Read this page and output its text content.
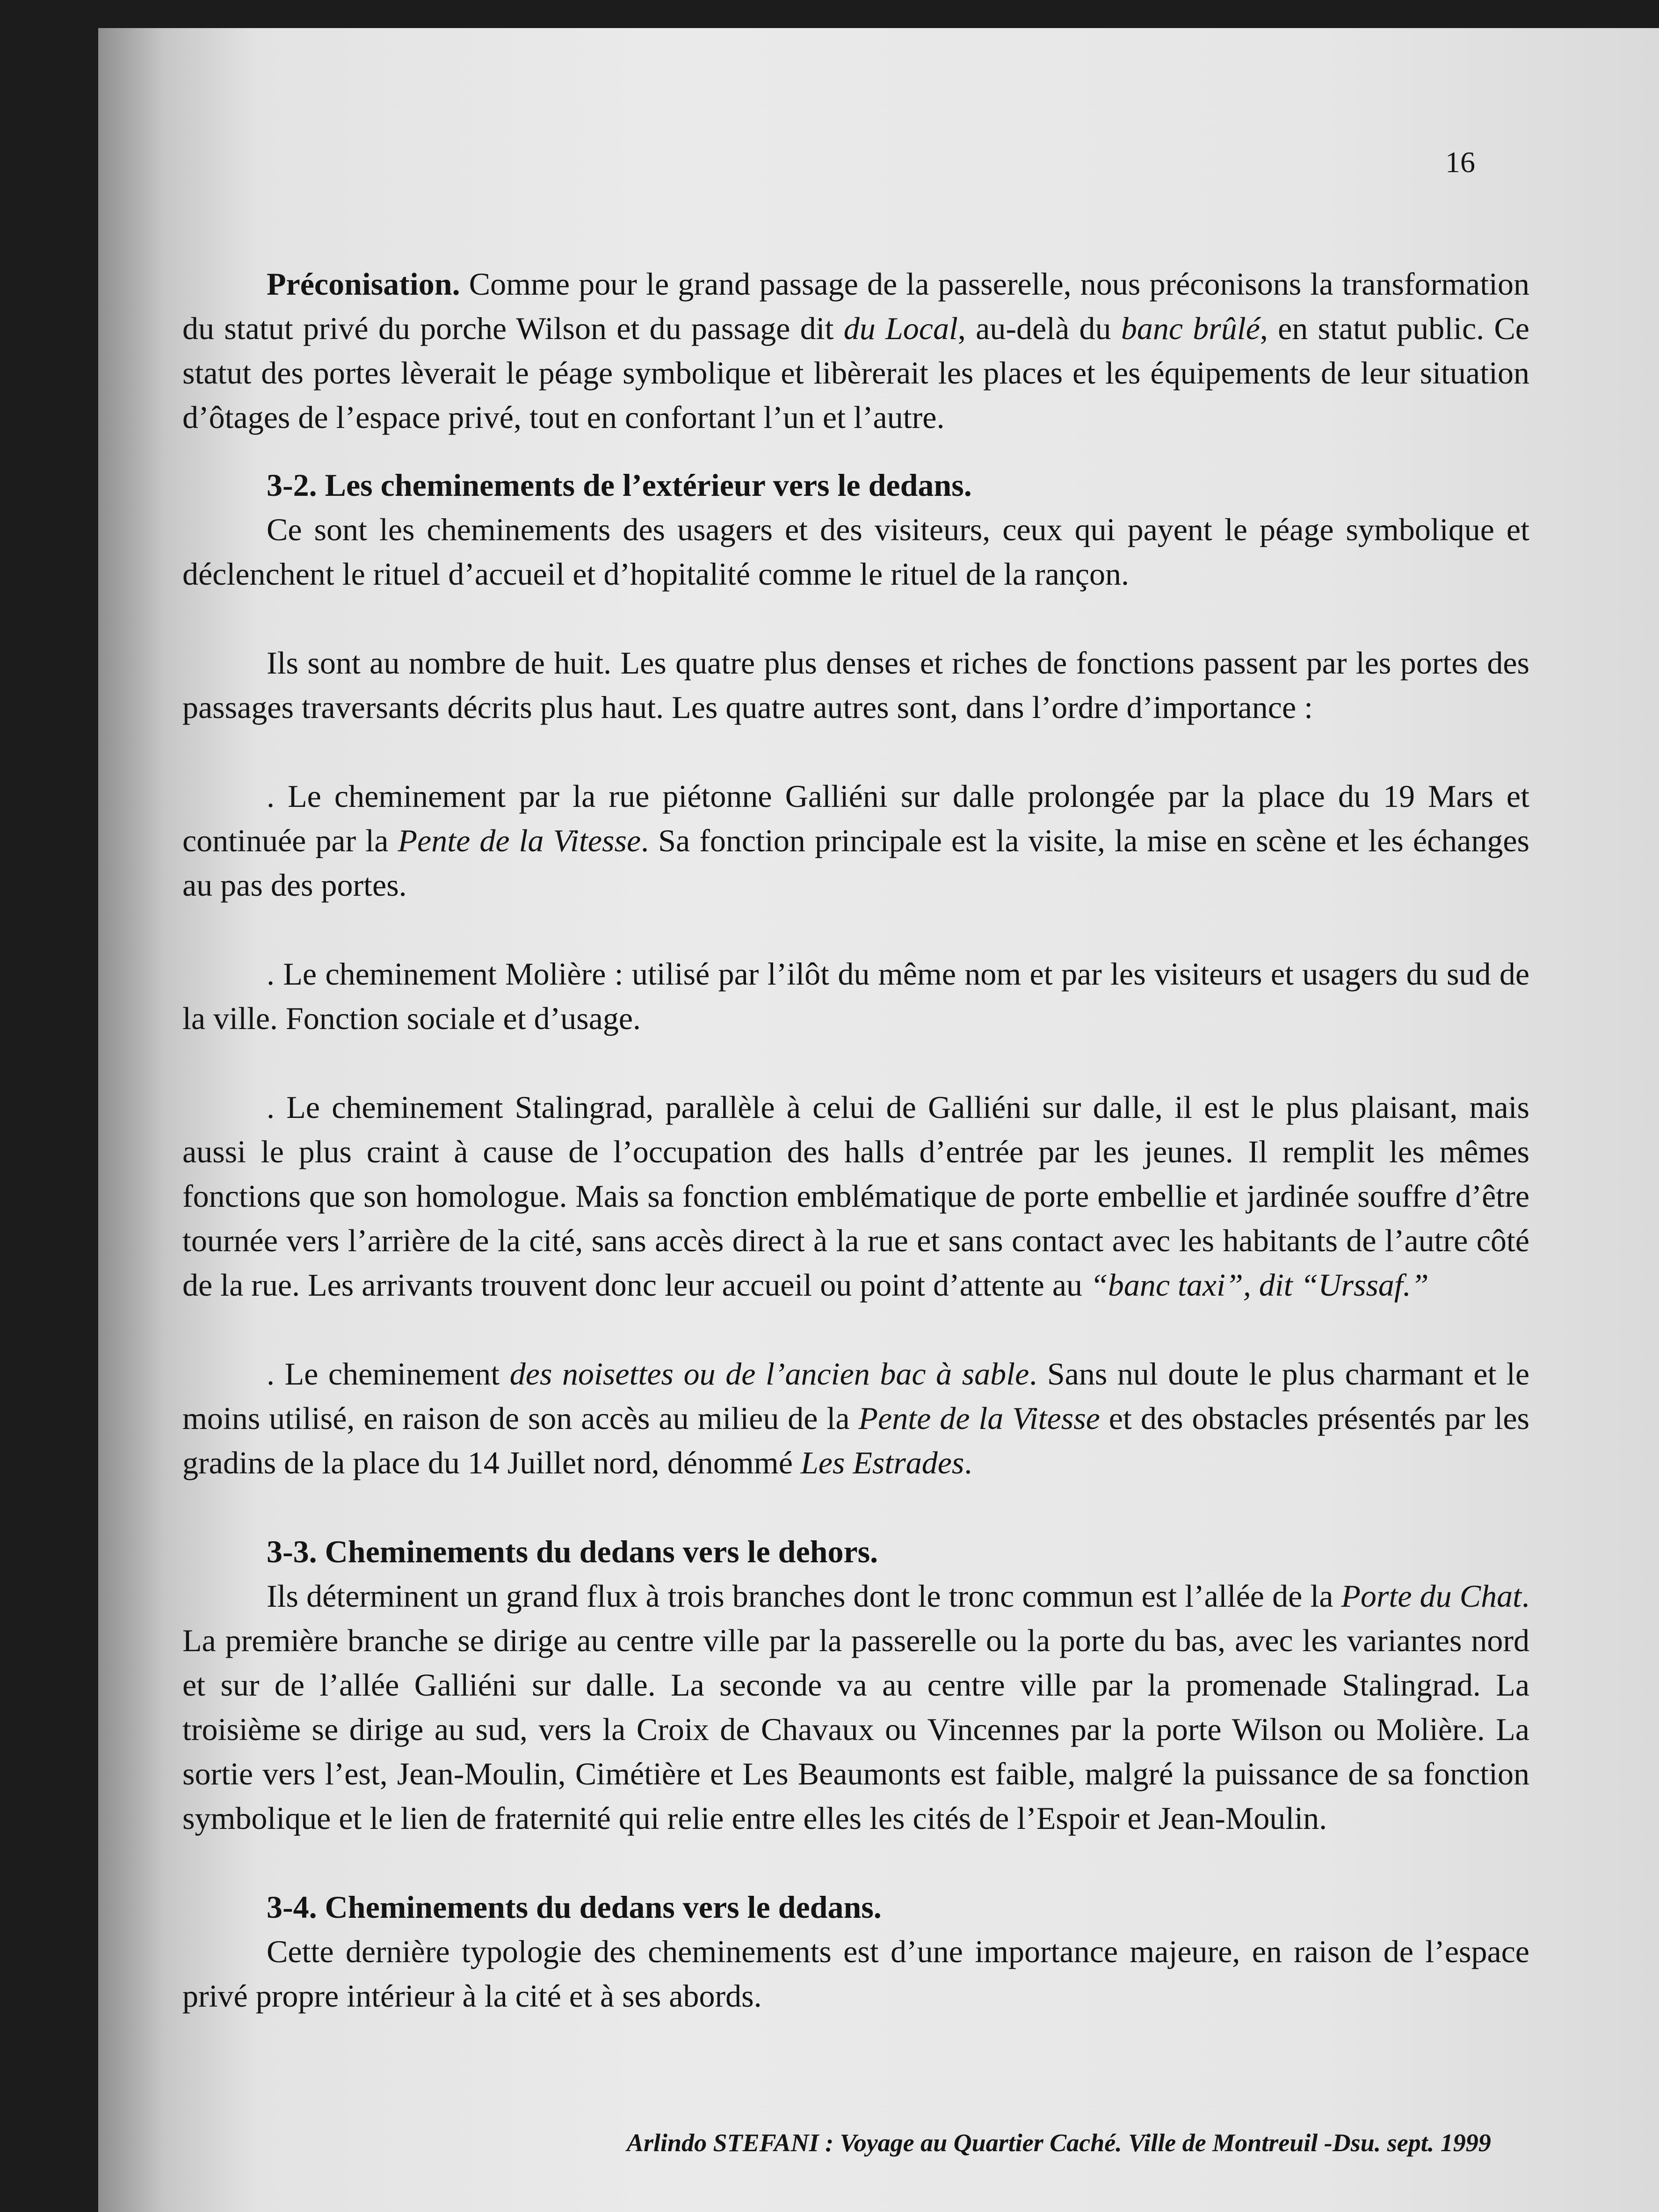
16

Préconisation. Comme pour le grand passage de la passerelle, nous préconisons la transformation du statut privé du porche Wilson et du passage dit du Local, au-delà du banc brûlé, en statut public. Ce statut des portes lèverait le péage symbolique et libèrerait les places et les équipements de leur situation d’ôtages de l’espace privé, tout en confortant l’un et l’autre.

3-2. Les cheminements de l’extérieur vers le dedans.

Ce sont les cheminements des usagers et des visiteurs, ceux qui payent le péage symbolique et déclenchent le rituel d’accueil et d’hopitalité comme le rituel de la rançon.

Ils sont au nombre de huit. Les quatre plus denses et riches de fonctions passent par les portes des passages traversants décrits plus haut. Les quatre autres sont, dans l’ordre d’importance :

. Le cheminement par la rue piétonne Galliéni sur dalle prolongée par la place du 19 Mars et continuée par la Pente de la Vitesse. Sa fonction principale est la visite, la mise en scène et les échanges au pas des portes.

. Le cheminement Molière : utilisé par l’ilôt du même nom et par les visiteurs et usagers du sud de la ville. Fonction sociale et d’usage.

. Le cheminement Stalingrad, parallèle à celui de Galliéni sur dalle, il est le plus plaisant, mais aussi le plus craint à cause de l’occupation des halls d’entrée par les jeunes. Il remplit les mêmes fonctions que son homologue. Mais sa fonction emblématique de porte embellie et jardinée souffre d’être tournée vers l’arrière de la cité, sans accès direct à la rue et sans contact avec les habitants de l’autre côté de la rue. Les arrivants trouvent donc leur accueil ou point d’attente au “banc taxi”, dit “Urssaf.”

. Le cheminement des noisettes ou de l’ancien bac à sable. Sans nul doute le plus charmant et le moins utilisé, en raison de son accès au milieu de la Pente de la Vitesse et des obstacles présentés par les gradins de la place du 14 Juillet nord, dénommé Les Estrades.

3-3. Cheminements du dedans vers le dehors.

Ils déterminent un grand flux à trois branches dont le tronc commun est l’allée de la Porte du Chat. La première branche se dirige au centre ville par la passerelle ou la porte du bas, avec les variantes nord et sur de l’allée Galliéni sur dalle. La seconde va au centre ville par la promenade Stalingrad. La troisième se dirige au sud, vers la Croix de Chavaux ou Vincennes par la porte Wilson ou Molière. La sortie vers l’est, Jean-Moulin, Cimétière et Les Beaumonts est faible, malgré la puissance de sa fonction symbolique et le lien de fraternité qui relie entre elles les cités de l’Espoir et Jean-Moulin.

3-4. Cheminements du dedans vers le dedans.

Cette dernière typologie des cheminements est d’une importance majeure, en raison de l’espace privé propre intérieur à la cité et à ses abords.

Arlindo STEFANI : Voyage au Quartier Caché. Ville de Montreuil -Dsu. sept. 1999
